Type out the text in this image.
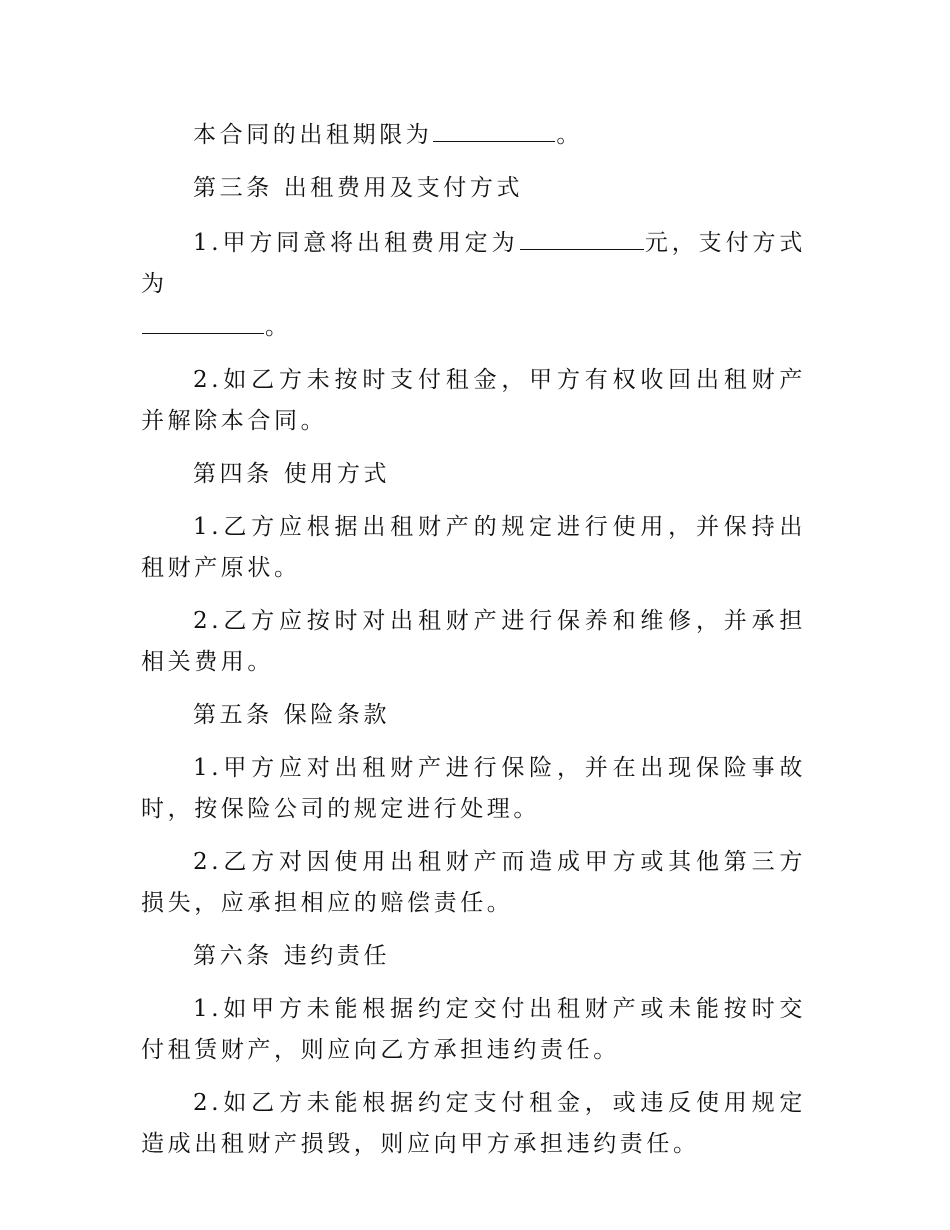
本合同的出租期限为	。

第三条 出租费用及支付方式

1.甲方同意将出租费用定为	元，支付方式为
。

2.如乙方未按时支付租金，甲方有权收回出租财产并解除本合同。

第四条 使用方式

1.乙方应根据出租财产的规定进行使用，并保持出租财产原状。

2.乙方应按时对出租财产进行保养和维修，并承担相关费用。

第五条 保险条款

1.甲方应对出租财产进行保险，并在出现保险事故时，按保险公司的规定进行处理。

2.乙方对因使用出租财产而造成甲方或其他第三方损失，应承担相应的赔偿责任。

第六条 违约责任

1.如甲方未能根据约定交付出租财产或未能按时交付租赁财产，则应向乙方承担违约责任。

2.如乙方未能根据约定支付租金，或违反使用规定造成出租财产损毁，则应向甲方承担违约责任。
